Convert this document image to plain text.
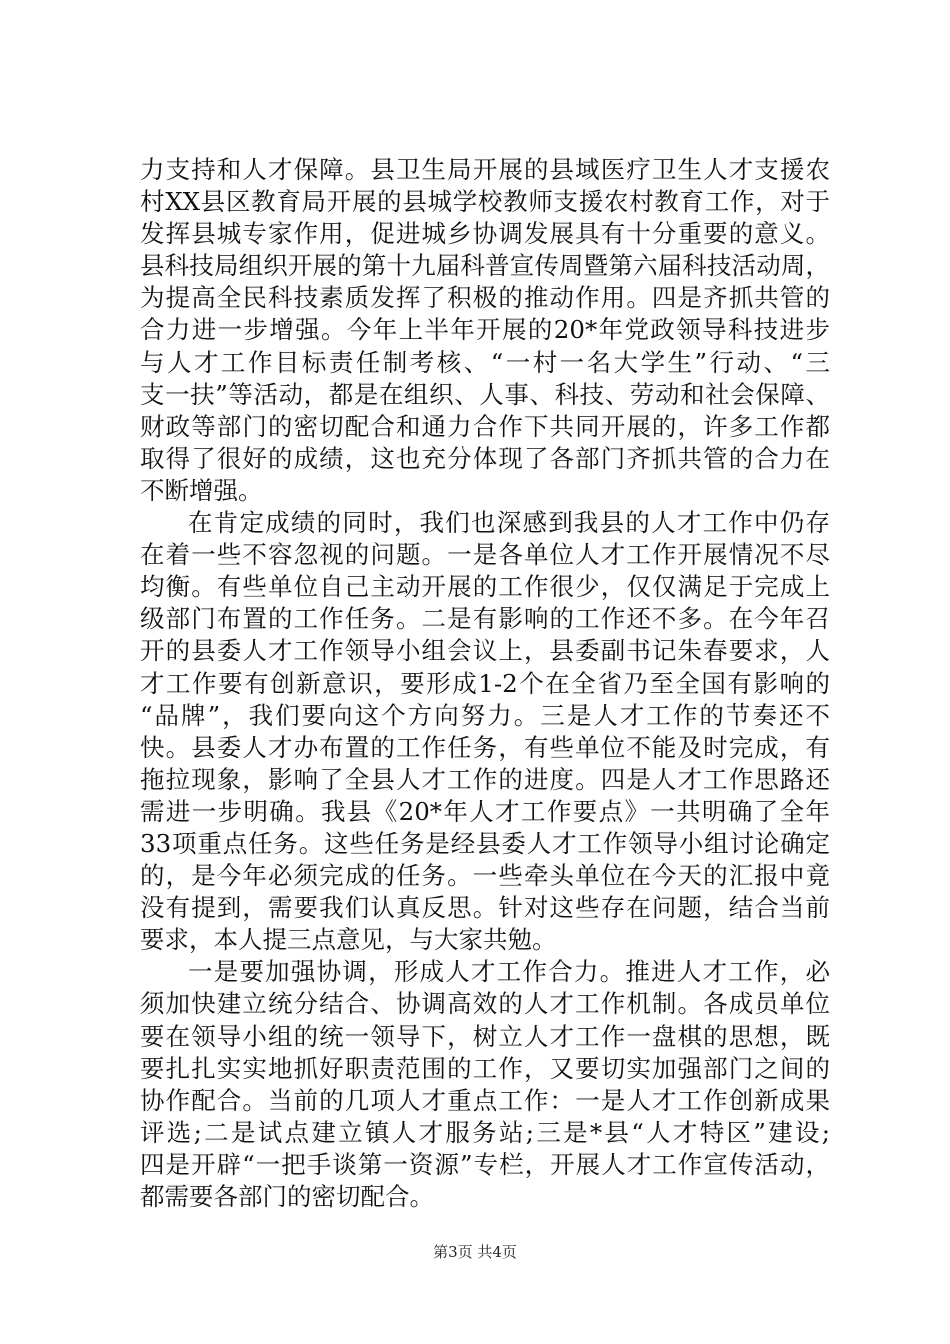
力支持和人才保障。县卫生局开展的县域医疗卫生人才支援农
村XX县区教育局开展的县城学校教师支援农村教育工作，对于
发挥县城专家作用，促进城乡协调发展具有十分重要的意义。
县科技局组织开展的第十九届科普宣传周暨第六届科技活动周，
为提高全民科技素质发挥了积极的推动作用。四是齐抓共管的
合力进一步增强。今年上半年开展的20*年党政领导科技进步
与人才工作目标责任制考核、“一村一名大学生”行动、“三
支一扶”等活动，都是在组织、人事、科技、劳动和社会保障、
财政等部门的密切配合和通力合作下共同开展的，许多工作都
取得了很好的成绩，这也充分体现了各部门齐抓共管的合力在
不断增强。
在肯定成绩的同时，我们也深感到我县的人才工作中仍存
在着一些不容忽视的问题。一是各单位人才工作开展情况不尽
均衡。有些单位自己主动开展的工作很少，仅仅满足于完成上
级部门布置的工作任务。二是有影响的工作还不多。在今年召
开的县委人才工作领导小组会议上，县委副书记朱春要求，人
才工作要有创新意识，要形成1-2个在全省乃至全国有影响的
“品牌”，我们要向这个方向努力。三是人才工作的节奏还不
快。县委人才办布置的工作任务，有些单位不能及时完成，有
拖拉现象，影响了全县人才工作的进度。四是人才工作思路还
需进一步明确。我县《20*年人才工作要点》一共明确了全年
33项重点任务。这些任务是经县委人才工作领导小组讨论确定
的，是今年必须完成的任务。一些牵头单位在今天的汇报中竟
没有提到，需要我们认真反思。针对这些存在问题，结合当前
要求，本人提三点意见，与大家共勉。
一是要加强协调，形成人才工作合力。推进人才工作，必
须加快建立统分结合、协调高效的人才工作机制。各成员单位
要在领导小组的统一领导下，树立人才工作一盘棋的思想，既
要扎扎实实地抓好职责范围的工作，又要切实加强部门之间的
协作配合。当前的几项人才重点工作：一是人才工作创新成果
评选;二是试点建立镇人才服务站;三是*县“人才特区”建设;
四是开辟“一把手谈第一资源”专栏，开展人才工作宣传活动，
都需要各部门的密切配合。
第3页 共4页
